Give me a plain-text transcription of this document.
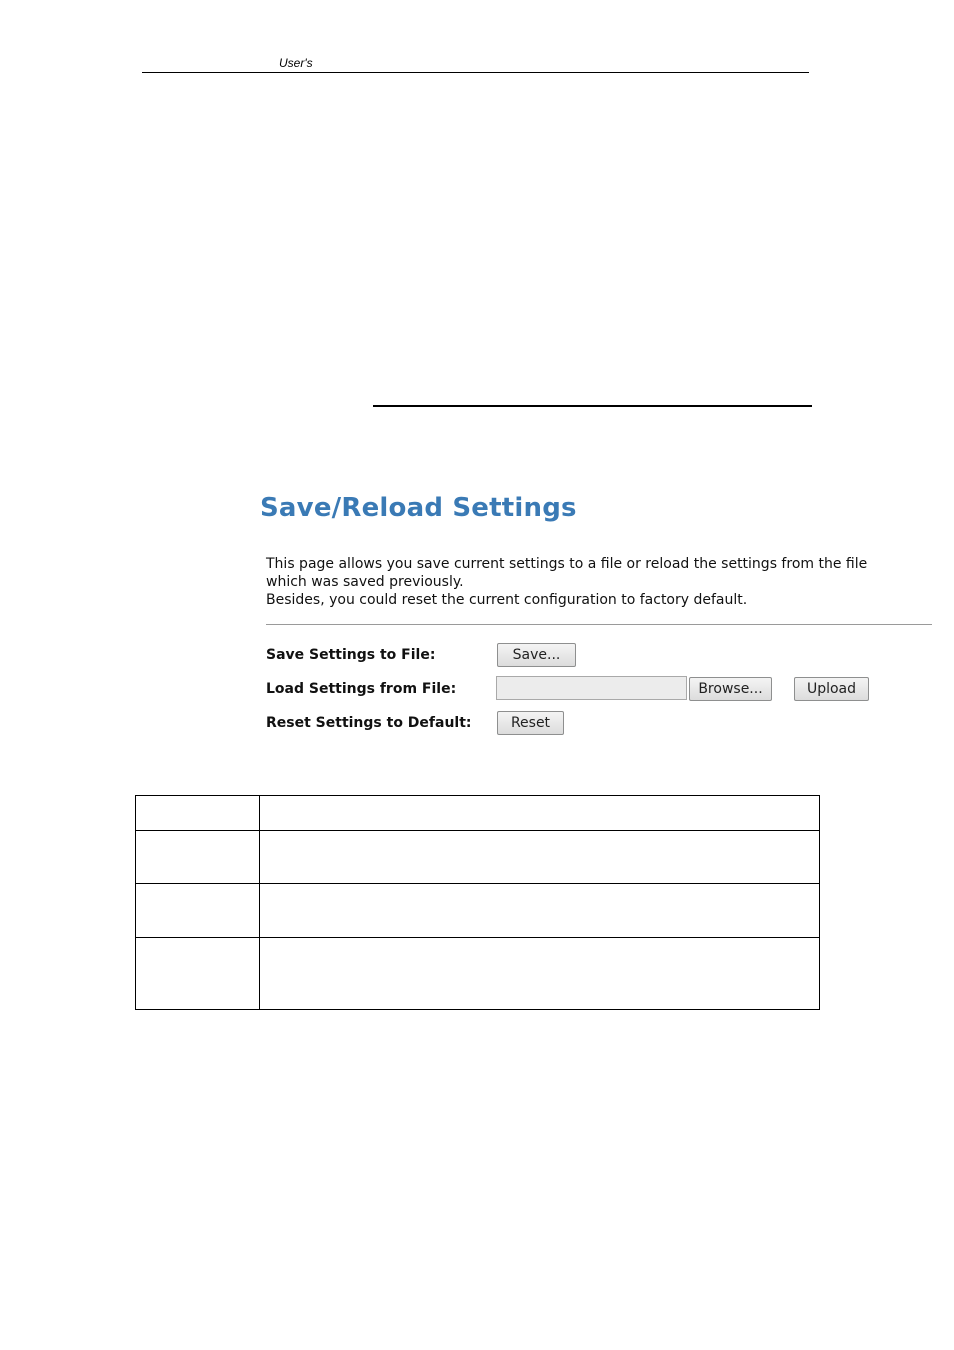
User's
Save/Reload Settings
This page allows you save current settings to a file or reload the settings from the file
which was saved previously.
Besides, you could reset the current configuration to factory default.
Save Settings to File:	Save...
Load Settings from File:	Browse...	Upload
Reset Settings to Default:	Reset
